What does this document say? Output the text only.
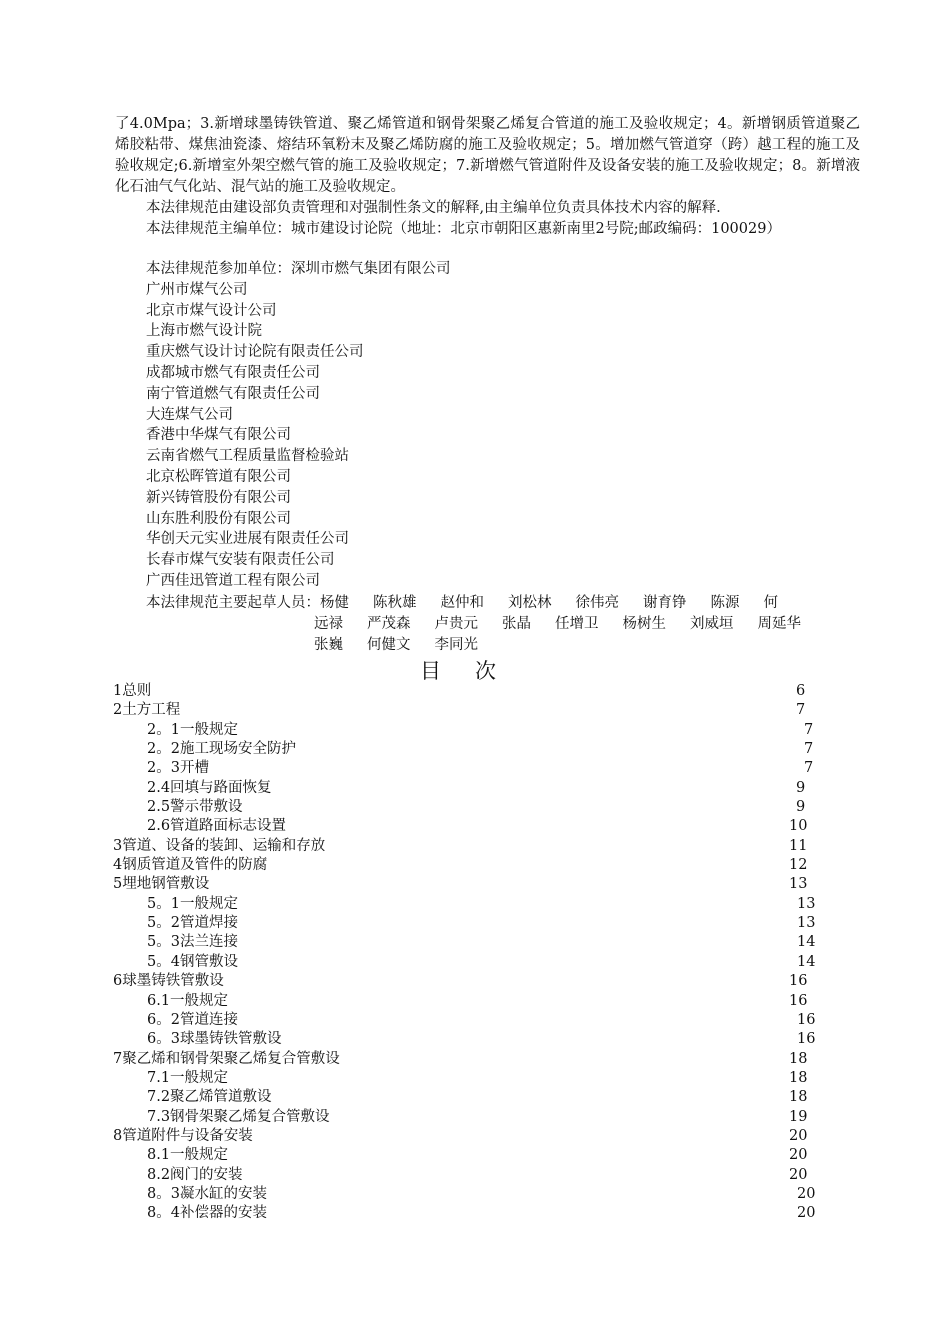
了4.0Mpa；3.新增球墨铸铁管道、聚乙烯管道和钢骨架聚乙烯复合管道的施工及验收规定；4。新增钢质管道聚乙烯胶粘带、煤焦油瓷漆、熔结环氧粉末及聚乙烯防腐的施工及验收规定；5。增加燃气管道穿（跨）越工程的施工及验收规定;6.新增室外架空燃气管的施工及验收规定；7.新增燃气管道附件及设备安装的施工及验收规定；8。新增液化石油气气化站、混气站的施工及验收规定。

本法律规范由建设部负责管理和对强制性条文的解释,由主编单位负责具体技术内容的解释.

本法律规范主编单位：城市建设讨论院（地址：北京市朝阳区惠新南里2号院;邮政编码：100029）

本法律规范参加单位：深圳市燃气集团有限公司
广州市煤气公司
北京市煤气设计公司
上海市燃气设计院
重庆燃气设计讨论院有限责任公司
成都城市燃气有限责任公司
南宁管道燃气有限责任公司
大连煤气公司
香港中华煤气有限公司
云南省燃气工程质量监督检验站
北京松晖管道有限公司
新兴铸管股份有限公司
山东胜利股份有限公司
华创天元实业进展有限责任公司
长春市煤气安装有限责任公司
广西佳迅管道工程有限公司
本法律规范主要起草人员：杨健 陈秋雄 赵仲和 刘松林 徐伟亮 谢育铮 陈源 何
远禄 严茂森 卢贵元 张晶 任增卫 杨树生 刘威垣 周延华
张巍 何健文 李同光
目次
1总则	6
2土方工程	7
2。1一般规定	7
2。2施工现场安全防护	7
2。3开槽	7
2.4回填与路面恢复	9
2.5警示带敷设	9
2.6管道路面标志设置	10
3管道、设备的装卸、运输和存放	11
4钢质管道及管件的防腐	12
5埋地钢管敷设	13
5。1一般规定	13
5。2管道焊接	13
5。3法兰连接	14
5。4钢管敷设	14
6球墨铸铁管敷设	16
6.1一般规定	16
6。2管道连接	16
6。3球墨铸铁管敷设	16
7聚乙烯和钢骨架聚乙烯复合管敷设	18
7.1一般规定	18
7.2聚乙烯管道敷设	18
7.3钢骨架聚乙烯复合管敷设	19
8管道附件与设备安装	20
8.1一般规定	20
8.2阀门的安装	20
8。3凝水缸的安装	20
8。4补偿器的安装	20
